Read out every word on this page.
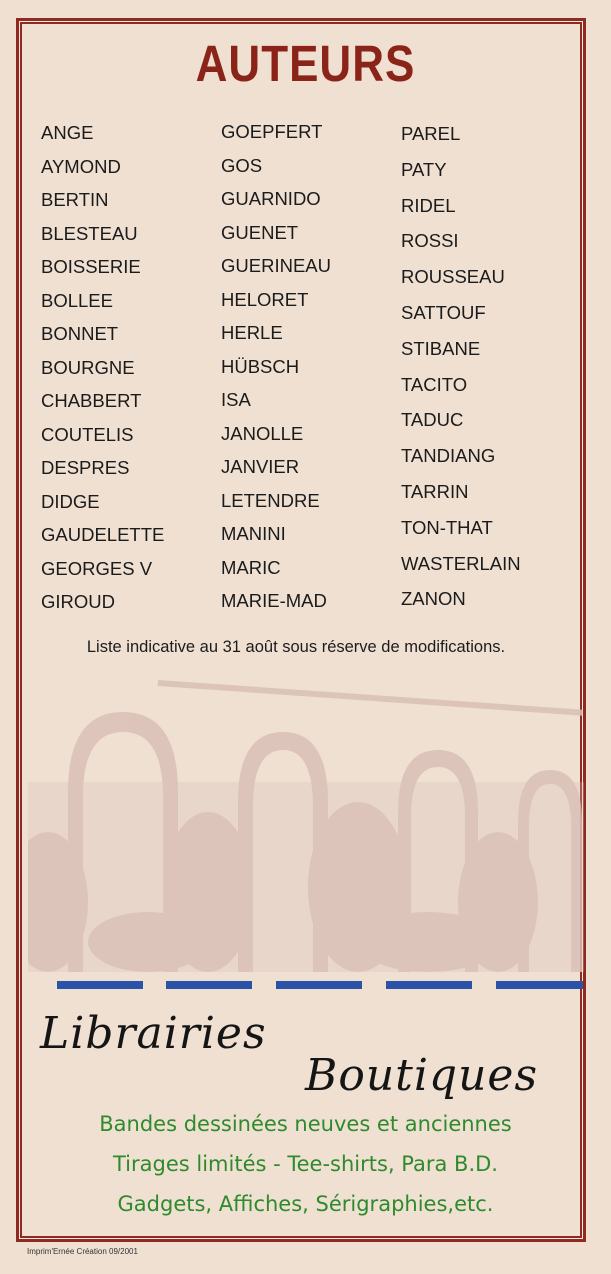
AUTEURS
ANGE
AYMOND
BERTIN
BLESTEAU
BOISSERIE
BOLLEE
BONNET
BOURGNE
CHABBERT
COUTELIS
DESPRES
DIDGE
GAUDELETTE
GEORGES V
GIROUD
GOEPFERT
GOS
GUARNIDO
GUENET
GUERINEAU
HELORET
HERLE
HÜBSCH
ISA
JANOLLE
JANVIER
LETENDRE
MANINI
MARIC
MARIE-MAD
PAREL
PATY
RIDEL
ROSSI
ROUSSEAU
SATTOUF
STIBANE
TACITO
TADUC
TANDIANG
TARRIN
TON-THAT
WASTERLAIN
ZANON

Liste indicative au 31 août sous réserve de modifications.

Librairies
Boutiques
Bandes dessinées neuves et anciennes
Tirages limités - Tee-shirts, Para B.D.
Gadgets, Affiches, Sérigraphies,etc.
Imprim'Ernée Création 09/2001
